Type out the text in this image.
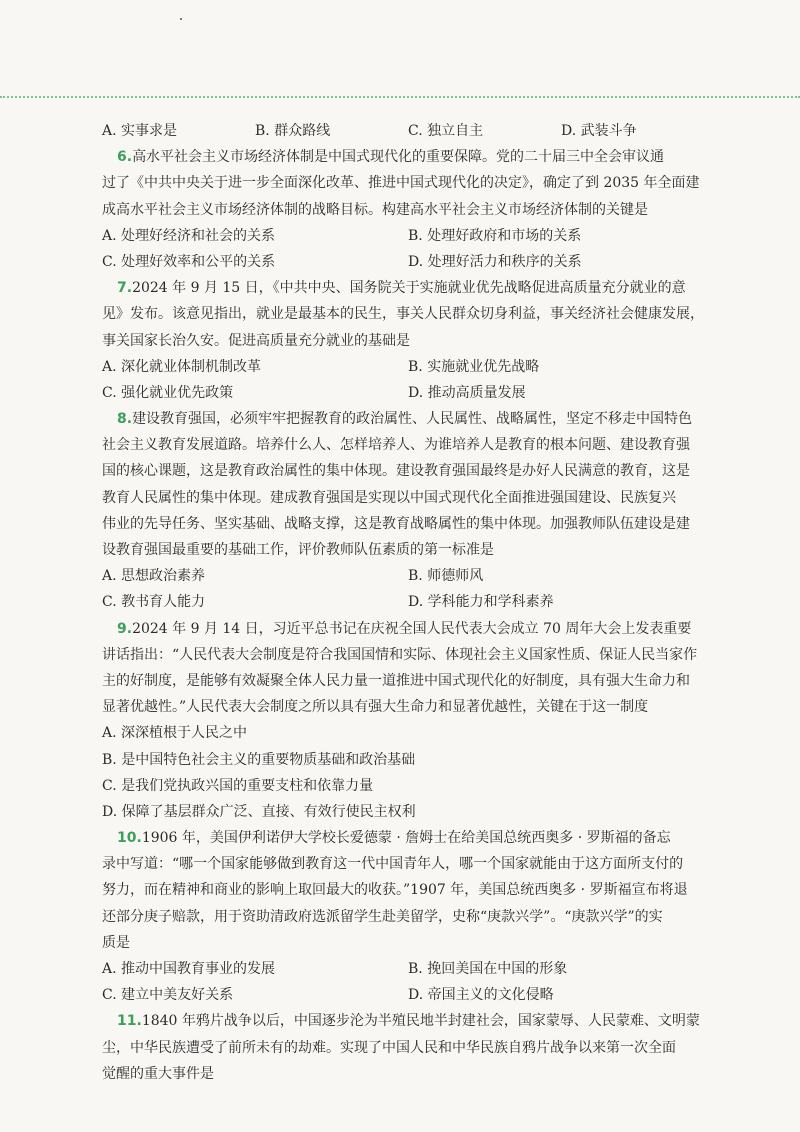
A. 实事求是	B. 群众路线	C. 独立自主	D. 武装斗争
6.高水平社会主义市场经济体制是中国式现代化的重要保障。党的二十届三中全会审议通
过了《中共中央关于进一步全面深化改革、推进中国式现代化的决定》，确定了到 2035 年全面建
成高水平社会主义市场经济体制的战略目标。构建高水平社会主义市场经济体制的关键是
A. 处理好经济和社会的关系	B. 处理好政府和市场的关系
C. 处理好效率和公平的关系	D. 处理好活力和秩序的关系
7.2024 年 9 月 15 日，《中共中央、国务院关于实施就业优先战略促进高质量充分就业的意
见》发布。该意见指出，就业是最基本的民生，事关人民群众切身利益，事关经济社会健康发展，
事关国家长治久安。促进高质量充分就业的基础是
A. 深化就业体制机制改革	B. 实施就业优先战略
C. 强化就业优先政策	D. 推动高质量发展
8.建设教育强国，必须牢牢把握教育的政治属性、人民属性、战略属性，坚定不移走中国特色
社会主义教育发展道路。培养什么人、怎样培养人、为谁培养人是教育的根本问题、建设教育强
国的核心课题，这是教育政治属性的集中体现。建设教育强国最终是办好人民满意的教育，这是
教育人民属性的集中体现。建成教育强国是实现以中国式现代化全面推进强国建设、民族复兴
伟业的先导任务、坚实基础、战略支撑，这是教育战略属性的集中体现。加强教师队伍建设是建
设教育强国最重要的基础工作，评价教师队伍素质的第一标准是
A. 思想政治素养	B. 师德师风
C. 教书育人能力	D. 学科能力和学科素养
9.2024 年 9 月 14 日，习近平总书记在庆祝全国人民代表大会成立 70 周年大会上发表重要
讲话指出：“人民代表大会制度是符合我国国情和实际、体现社会主义国家性质、保证人民当家作
主的好制度，是能够有效凝聚全体人民力量一道推进中国式现代化的好制度，具有强大生命力和
显著优越性。”人民代表大会制度之所以具有强大生命力和显著优越性，关键在于这一制度
A. 深深植根于人民之中
B. 是中国特色社会主义的重要物质基础和政治基础
C. 是我们党执政兴国的重要支柱和依靠力量
D. 保障了基层群众广泛、直接、有效行使民主权利
10.1906 年，美国伊利诺伊大学校长爱德蒙 · 詹姆士在给美国总统西奥多 · 罗斯福的备忘
录中写道：“哪一个国家能够做到教育这一代中国青年人，哪一个国家就能由于这方面所支付的
努力，而在精神和商业的影响上取回最大的收获。”1907 年，美国总统西奥多 · 罗斯福宣布将退
还部分庚子赔款，用于资助清政府选派留学生赴美留学，史称“庚款兴学”。“庚款兴学”的实
质是
A. 推动中国教育事业的发展	B. 挽回美国在中国的形象
C. 建立中美友好关系	D. 帝国主义的文化侵略
11.1840 年鸦片战争以后，中国逐步沦为半殖民地半封建社会，国家蒙辱、人民蒙难、文明蒙
尘，中华民族遭受了前所未有的劫难。实现了中国人民和中华民族自鸦片战争以来第一次全面
觉醒的重大事件是
